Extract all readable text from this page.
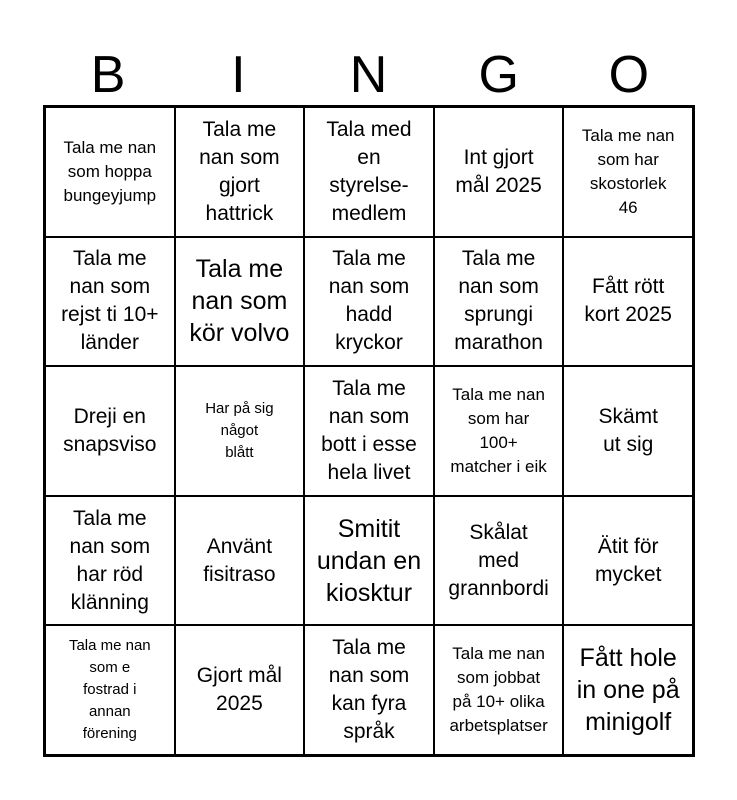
B	I	N	G	O
Tala me nan
som hoppa
bungeyjump
Tala me
nan som
gjort
hattrick
Tala med
en
styrelse-
medlem
Int gjort
mål 2025
Tala me nan
som har
skostorlek
46
Tala me
nan som
rejst ti 10+
länder
Tala me
nan som
kör volvo
Tala me
nan som
hadd
kryckor
Tala me
nan som
sprungi
marathon
Fått rött
kort 2025
Dreji en
snapsviso
Har på sig
något
blått
Tala me
nan som
bott i esse
hela livet
Tala me nan
som har
100+
matcher i eik
Skämt
ut sig
Tala me
nan som
har röd
klänning
Använt
fisitraso
Smitit
undan en
kiosktur
Skålat
med
grannbordi
Ätit för
mycket
Tala me nan
som e
fostrad i
annan
förening
Gjort mål
2025
Tala me
nan som
kan fyra
språk
Tala me nan
som jobbat
på 10+ olika
arbetsplatser
Fått hole
in one på
minigolf
